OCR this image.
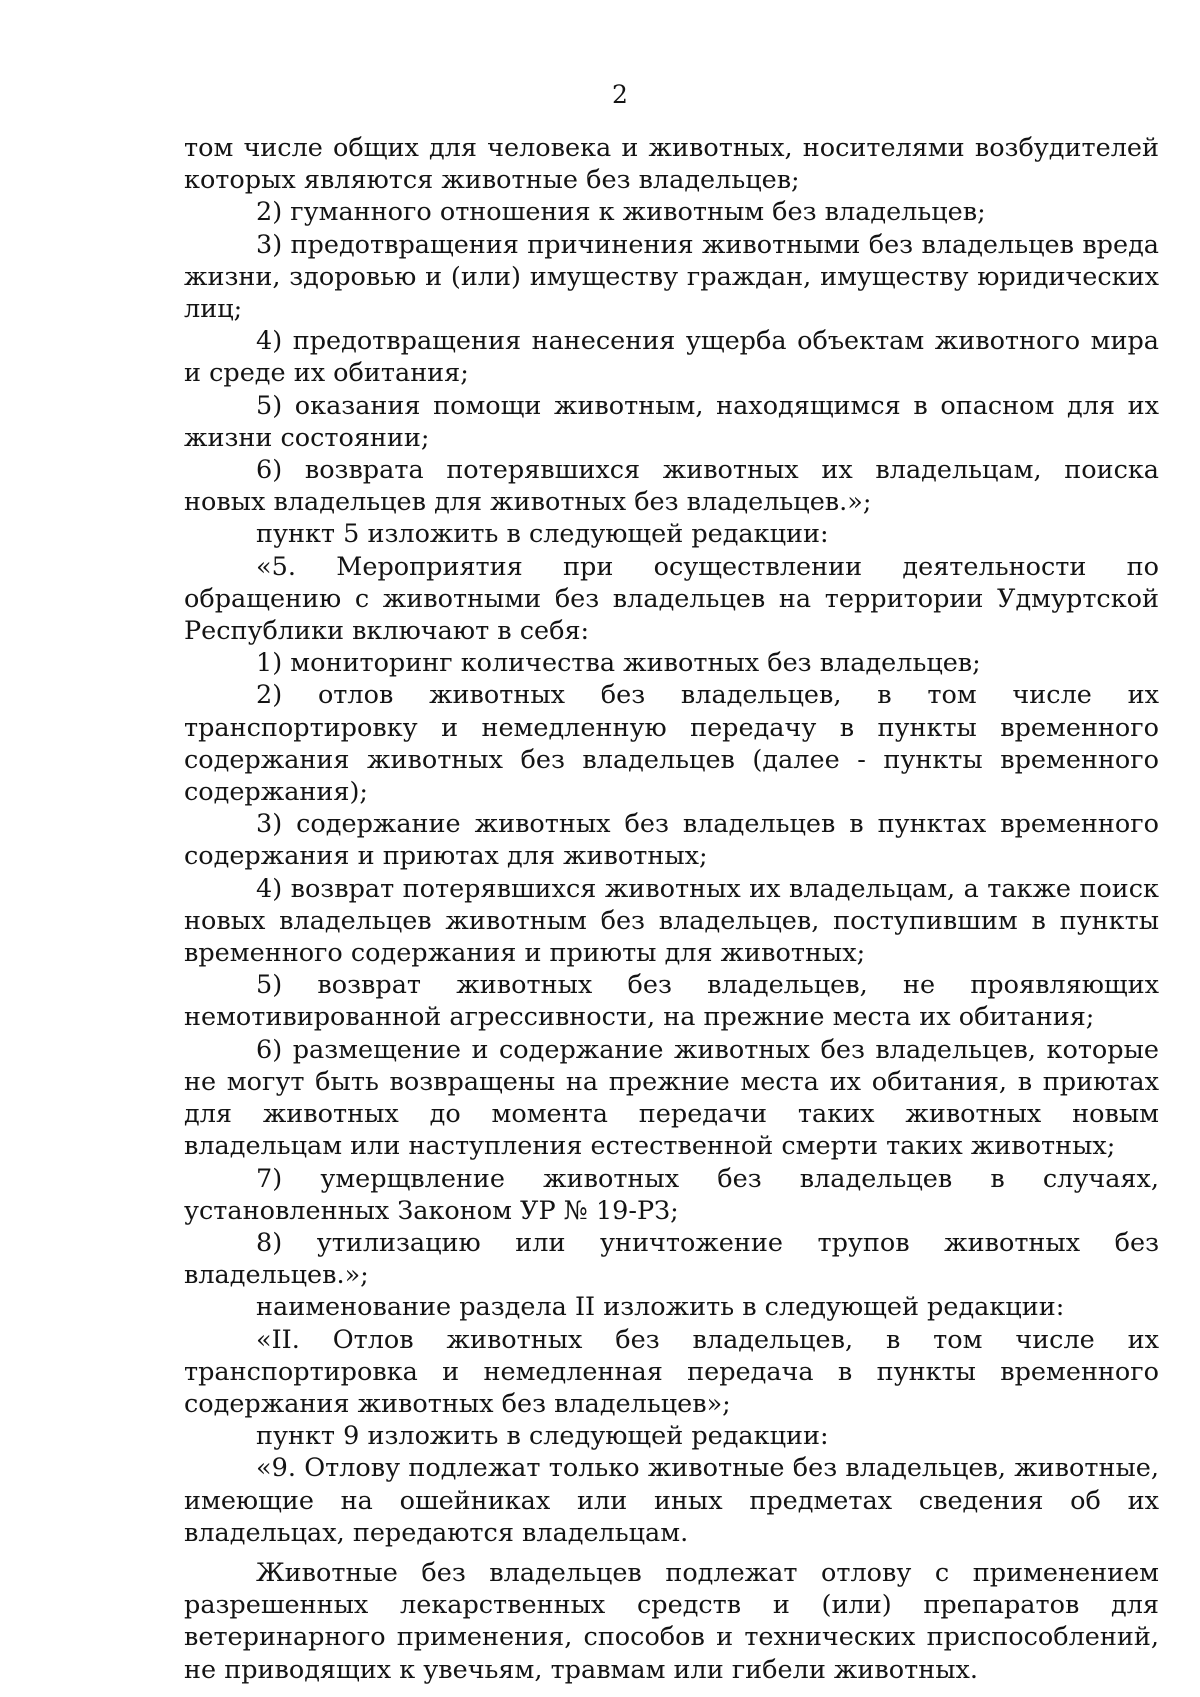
2

том числе общих для человека и животных, носителями возбудителей которых являются животные без владельцев;

2) гуманного отношения к животным без владельцев;

3) предотвращения причинения животными без владельцев вреда жизни, здоровью и (или) имуществу граждан, имуществу юридических лиц;

4) предотвращения нанесения ущерба объектам животного мира и среде их обитания;

5) оказания помощи животным, находящимся в опасном для их жизни состоянии;

6) возврата потерявшихся животных их владельцам, поиска новых владельцев для животных без владельцев.»;

пункт 5 изложить в следующей редакции:

«5. Мероприятия при осуществлении деятельности по обращению с животными без владельцев на территории Удмуртской Республики включают в себя:

1) мониторинг количества животных без владельцев;

2) отлов животных без владельцев, в том числе их транспортировку и немедленную передачу в пункты временного содержания животных без владельцев (далее - пункты временного содержания);

3) содержание животных без владельцев в пунктах временного содержания и приютах для животных;

4) возврат потерявшихся животных их владельцам, а также поиск новых владельцев животным без владельцев, поступившим в пункты временного содержания и приюты для животных;

5) возврат животных без владельцев, не проявляющих немотивированной агрессивности, на прежние места их обитания;

6) размещение и содержание животных без владельцев, которые не могут быть возвращены на прежние места их обитания, в приютах для животных до момента передачи таких животных новым владельцам или наступления естественной смерти таких животных;

7) умерщвление животных без владельцев в случаях, установленных Законом УР № 19-РЗ;

8) утилизацию или уничтожение трупов животных без владельцев.»;

наименование раздела II изложить в следующей редакции:

«II. Отлов животных без владельцев, в том числе их транспортировка и немедленная передача в пункты временного содержания животных без владельцев»;

пункт 9 изложить в следующей редакции:

«9. Отлову подлежат только животные без владельцев, животные, имеющие на ошейниках или иных предметах сведения об их владельцах, передаются владельцам.

Животные без владельцев подлежат отлову с применением разрешенных лекарственных средств и (или) препаратов для ветеринарного применения, способов и технических приспособлений, не приводящих к увечьям, травмам или гибели животных.
